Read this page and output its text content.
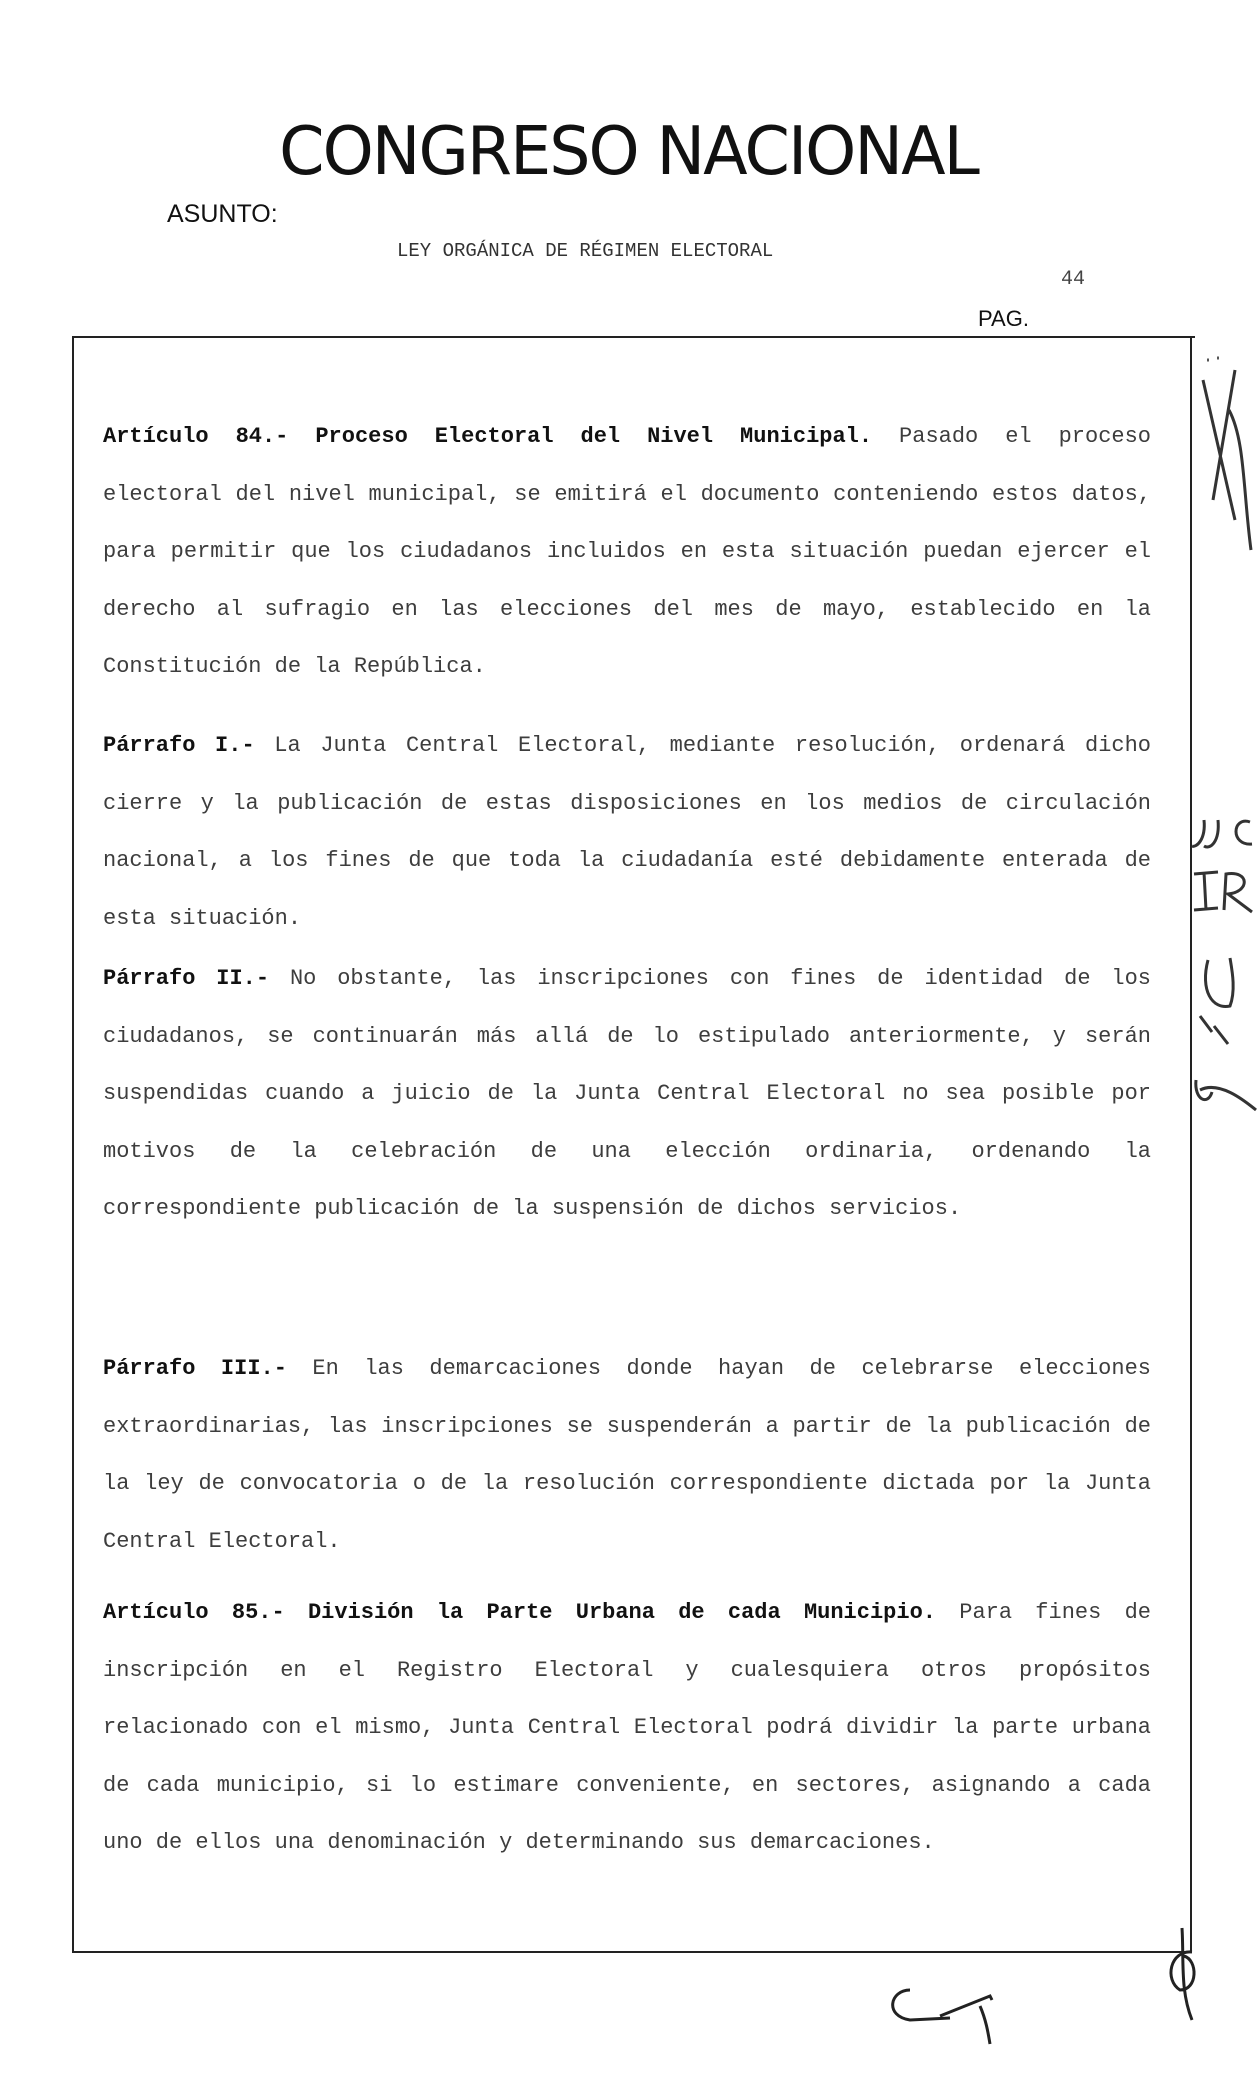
CONGRESO NACIONAL
ASUNTO:
LEY ORGÁNICA DE RÉGIMEN ELECTORAL
44
PAG.

Artículo 84.- Proceso Electoral del Nivel Municipal. Pasado el proceso electoral del nivel municipal, se emitirá el documento conteniendo estos datos, para permitir que los ciudadanos incluidos en esta situación puedan ejercer el derecho al sufragio en las elecciones del mes de mayo, establecido en la Constitución de la República.

Párrafo I.- La Junta Central Electoral, mediante resolución, ordenará dicho cierre y la publicación de estas disposiciones en los medios de circulación nacional, a los fines de que toda la ciudadanía esté debidamente enterada de esta situación.

Párrafo II.- No obstante, las inscripciones con fines de identidad de los ciudadanos, se continuarán más allá de lo estipulado anteriormente, y serán suspendidas cuando a juicio de la Junta Central Electoral no sea posible por motivos de la celebración de una elección ordinaria, ordenando la correspondiente publicación de la suspensión de dichos servicios.

Párrafo III.- En las demarcaciones donde hayan de celebrarse elecciones extraordinarias, las inscripciones se suspenderán a partir de la publicación de la ley de convocatoria o de la resolución correspondiente dictada por la Junta Central Electoral.

Artículo 85.- División la Parte Urbana de cada Municipio. Para fines de inscripción en el Registro Electoral y cualesquiera otros propósitos relacionado con el mismo, Junta Central Electoral podrá dividir la parte urbana de cada municipio, si lo estimare conveniente, en sectores, asignando a cada uno de ellos una denominación y determinando sus demarcaciones.
